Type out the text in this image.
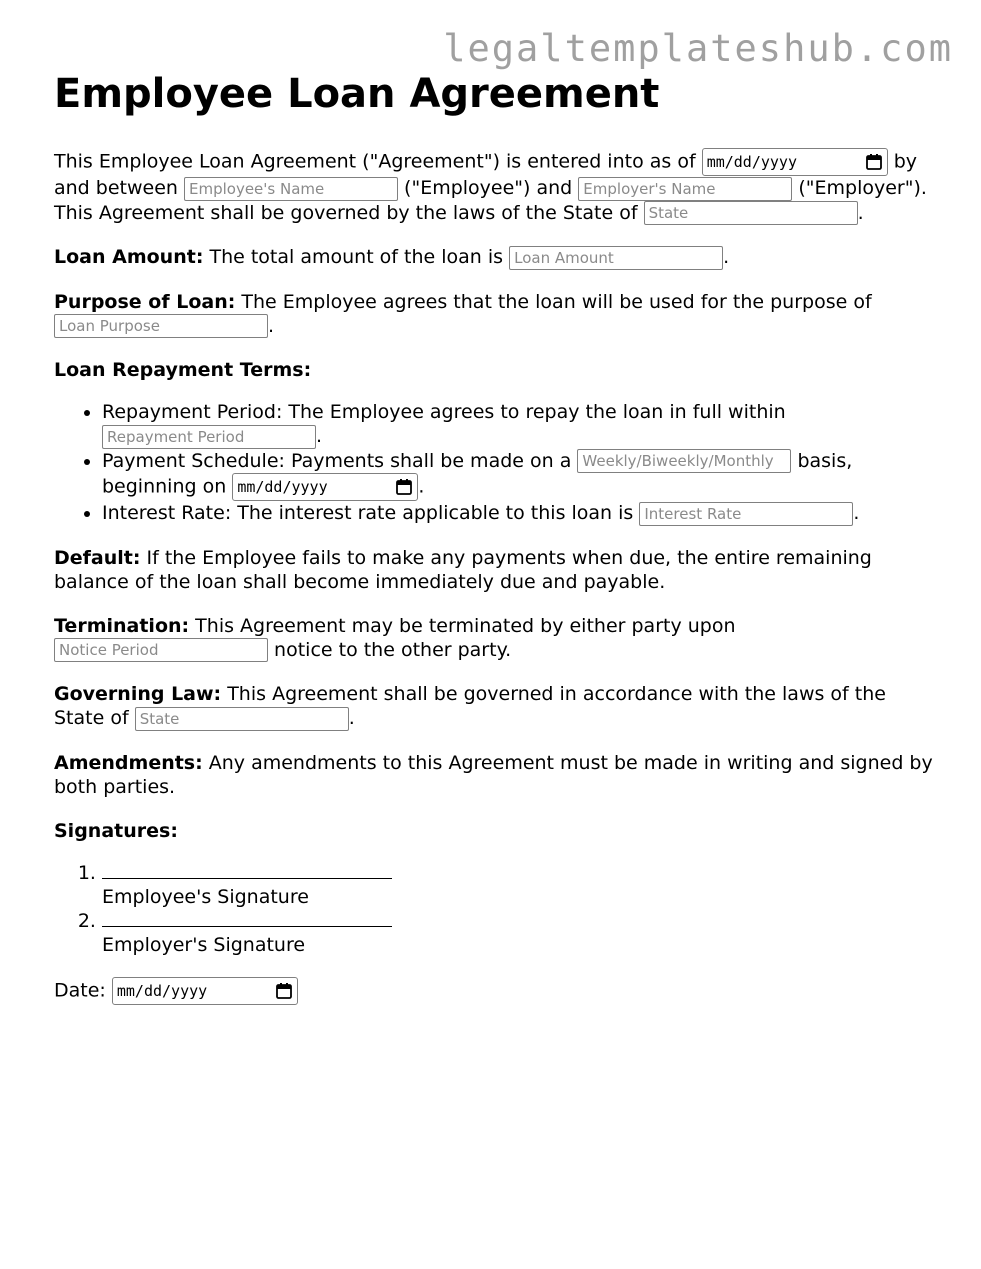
legaltemplateshub.com
Employee Loan Agreement

This Employee Loan Agreement ("Agreement") is entered into as of mm/dd/yyyy	by and between Employee's Name	("Employee") and Employer's Name	("Employer"). This Agreement shall be governed by the laws of the State of State	.

Loan Amount: The total amount of the loan is Loan Amount	.

Purpose of Loan: The Employee agrees that the loan will be used for the purpose of Loan Purpose.

Loan Repayment Terms:

• Repayment Period: The Employee agrees to repay the loan in full within Repayment Period.
• Payment Schedule: Payments shall be made on a Weekly/Biweekly/Monthly	basis, beginning on mm/dd/yyyy	.
• Interest Rate: The interest rate applicable to this loan is Interest Rate	.

Default: If the Employee fails to make any payments when due, the entire remaining balance of the loan shall become immediately due and payable.

Termination: This Agreement may be terminated by either party upon Notice Period notice to the other party.

Governing Law: This Agreement shall be governed in accordance with the laws of the State of State	.

Amendments: Any amendments to this Agreement must be made in writing and signed by both parties.

Signatures:

1. Employee's Signature
2. Employer's Signature

Date: mm/dd/yyyy
